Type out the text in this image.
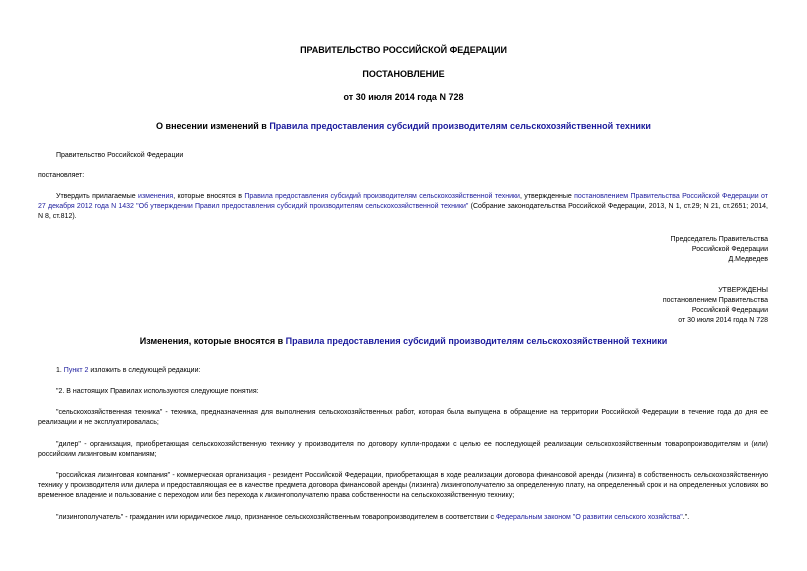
ПРАВИТЕЛЬСТВО РОССИЙСКОЙ ФЕДЕРАЦИИ
ПОСТАНОВЛЕНИЕ
от 30 июля 2014 года N 728
О внесении изменений в Правила предоставления субсидий производителям сельскохозяйственной техники
Правительство Российской Федерации
постановляет:
Утвердить прилагаемые изменения, которые вносятся в Правила предоставления субсидий производителям сельскохозяйственной техники, утвержденные постановлением Правительства Российской Федерации от 27 декабря 2012 года N 1432 "Об утверждении Правил предоставления субсидий производителям сельскохозяйственной техники" (Собрание законодательства Российской Федерации, 2013, N 1, ст.29; N 21, ст.2651; 2014, N 8, ст.812).
Председатель Правительства
Российской Федерации
Д.Медведев
УТВЕРЖДЕНЫ
постановлением Правительства
Российской Федерации
от 30 июля 2014 года N 728
Изменения, которые вносятся в Правила предоставления субсидий производителям сельскохозяйственной техники
1. Пункт 2 изложить в следующей редакции:
"2. В настоящих Правилах используются следующие понятия:
"сельскохозяйственная техника" - техника, предназначенная для выполнения сельскохозяйственных работ, которая была выпущена в обращение на территории Российской Федерации в течение года до дня ее реализации и не эксплуатировалась;
"дилер" - организация, приобретающая сельскохозяйственную технику у производителя по договору купли-продажи с целью ее последующей реализации сельскохозяйственным товаропроизводителям и (или) российским лизинговым компаниям;
"российская лизинговая компания" - коммерческая организация - резидент Российской Федерации, приобретающая в ходе реализации договора финансовой аренды (лизинга) в собственность сельскохозяйственную технику у производителя или дилера и предоставляющая ее в качестве предмета договора финансовой аренды (лизинга) лизингополучателю за определенную плату, на определенный срок и на определенных условиях во временное владение и пользование с переходом или без перехода к лизингополучателю права собственности на сельскохозяйственную технику;
"лизингополучатель" - гражданин или юридическое лицо, признанное сельскохозяйственным товаропроизводителем в соответствии с Федеральным законом "О развитии сельского хозяйства".".
